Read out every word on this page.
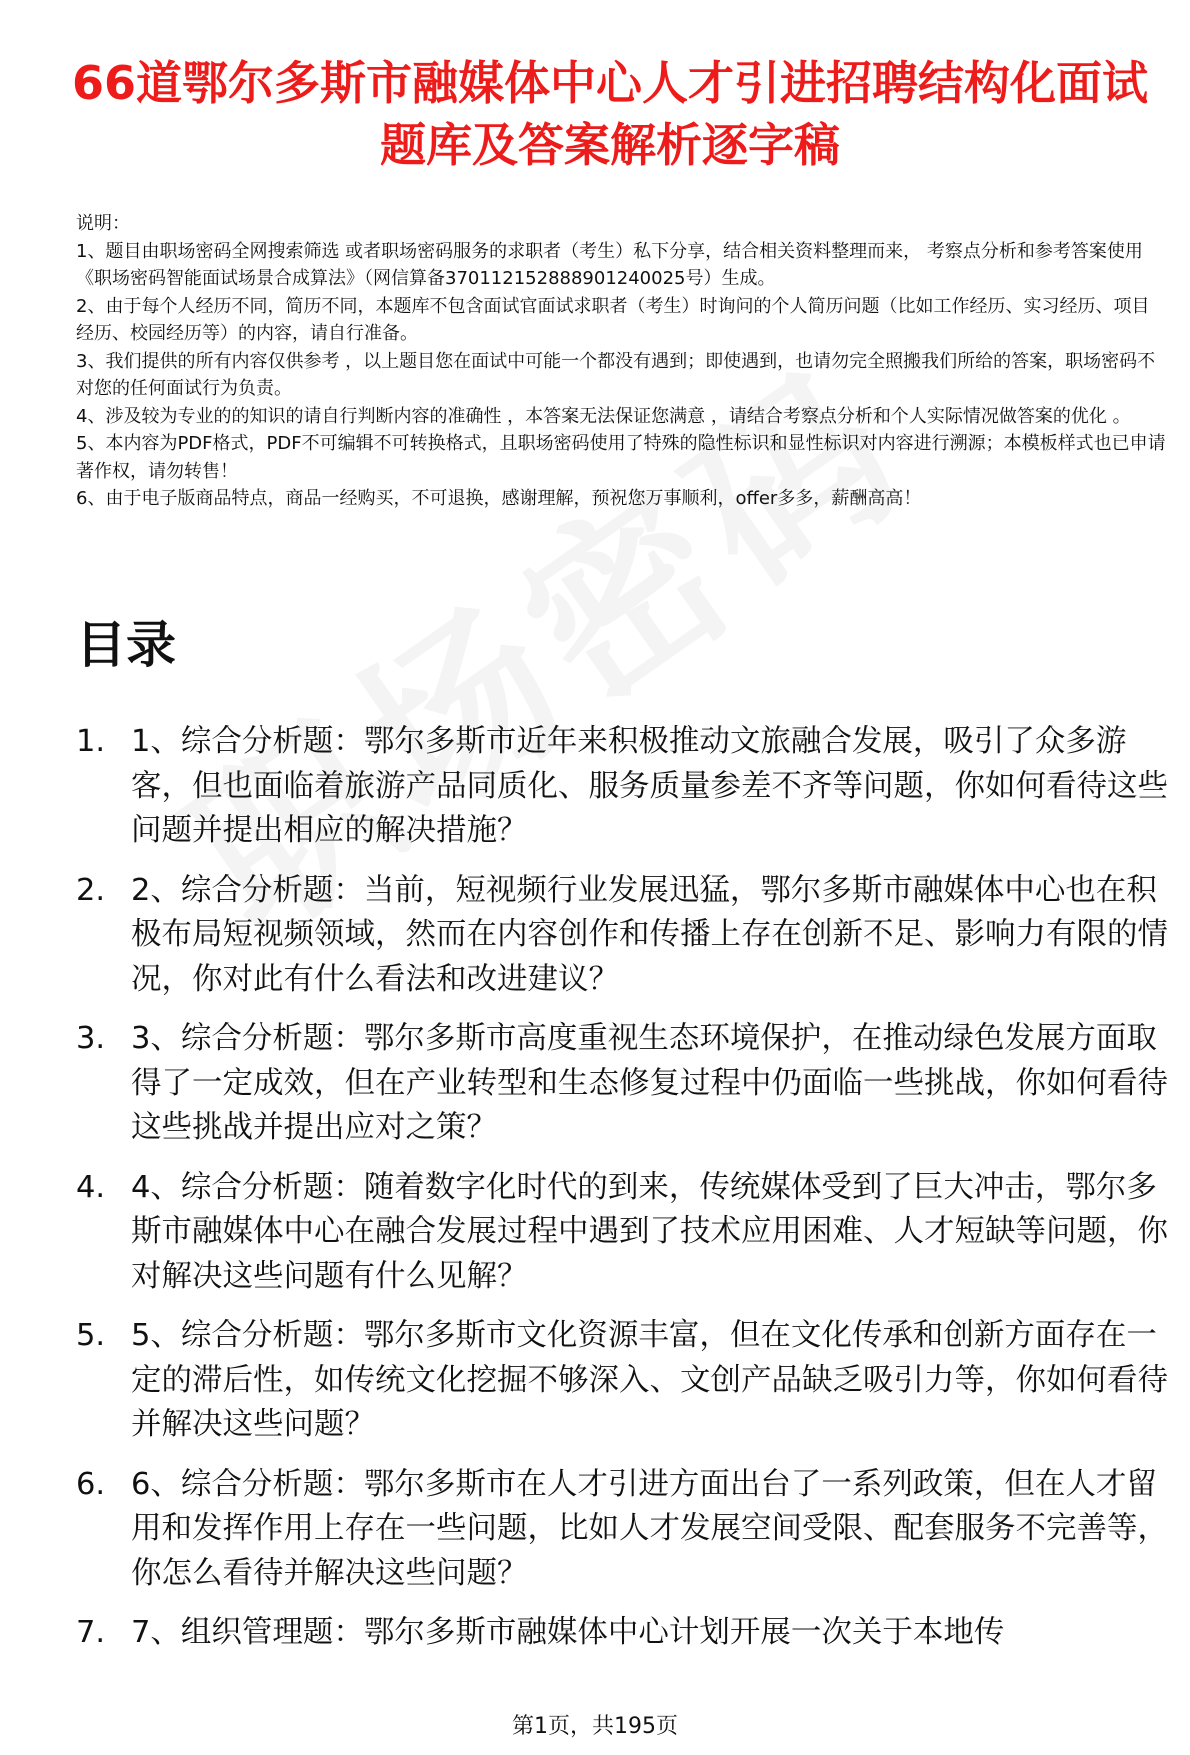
66道鄂尔多斯市融媒体中心人才引进招聘结构化面试题库及答案解析逐字稿

说明：

1、题目由职场密码全网搜索筛选 或者职场密码服务的求职者（考生）私下分享，结合相关资料整理而来， 考察点分析和参考答案使用《职场密码智能面试场景合成算法》（网信算备370112152888901240025号）生成。

2、由于每个人经历不同，简历不同，本题库不包含面试官面试求职者（考生）时询问的个人简历问题（比如工作经历、实习经历、项目经历、校园经历等）的内容，请自行准备。

3、我们提供的所有内容仅供参考 ，以上题目您在面试中可能一个都没有遇到；即使遇到，也请勿完全照搬我们所给的答案，职场密码不对您的任何面试行为负责。

4、涉及较为专业的的知识的请自行判断内容的准确性 ，本答案无法保证您满意 ，请结合考察点分析和个人实际情况做答案的优化 。

5、本内容为PDF格式，PDF不可编辑不可转换格式，且职场密码使用了特殊的隐性标识和显性标识对内容进行溯源；本模板样式也已申请著作权，请勿转售！

6、由于电子版商品特点，商品一经购买，不可退换，感谢理解，预祝您万事顺利，offer多多，薪酬高高！

目录
1. 1、综合分析题：鄂尔多斯市近年来积极推动文旅融合发展，吸引了众多游客，但也面临着旅游产品同质化、服务质量参差不齐等问题，你如何看待这些问题并提出相应的解决措施？
2. 2、综合分析题：当前，短视频行业发展迅猛，鄂尔多斯市融媒体中心也在积极布局短视频领域，然而在内容创作和传播上存在创新不足、影响力有限的情况，你对此有什么看法和改进建议？
3. 3、综合分析题：鄂尔多斯市高度重视生态环境保护，在推动绿色发展方面取得了一定成效，但在产业转型和生态修复过程中仍面临一些挑战，你如何看待这些挑战并提出应对之策？
4. 4、综合分析题：随着数字化时代的到来，传统媒体受到了巨大冲击，鄂尔多斯市融媒体中心在融合发展过程中遇到了技术应用困难、人才短缺等问题，你对解决这些问题有什么见解？
5. 5、综合分析题：鄂尔多斯市文化资源丰富，但在文化传承和创新方面存在一定的滞后性，如传统文化挖掘不够深入、文创产品缺乏吸引力等，你如何看待并解决这些问题？
6. 6、综合分析题：鄂尔多斯市在人才引进方面出台了一系列政策，但在人才留用和发挥作用上存在一些问题，比如人才发展空间受限、配套服务不完善等，你怎么看待并解决这些问题？
7. 7、组织管理题：鄂尔多斯市融媒体中心计划开展一次关于本地传
第1页，共195页
